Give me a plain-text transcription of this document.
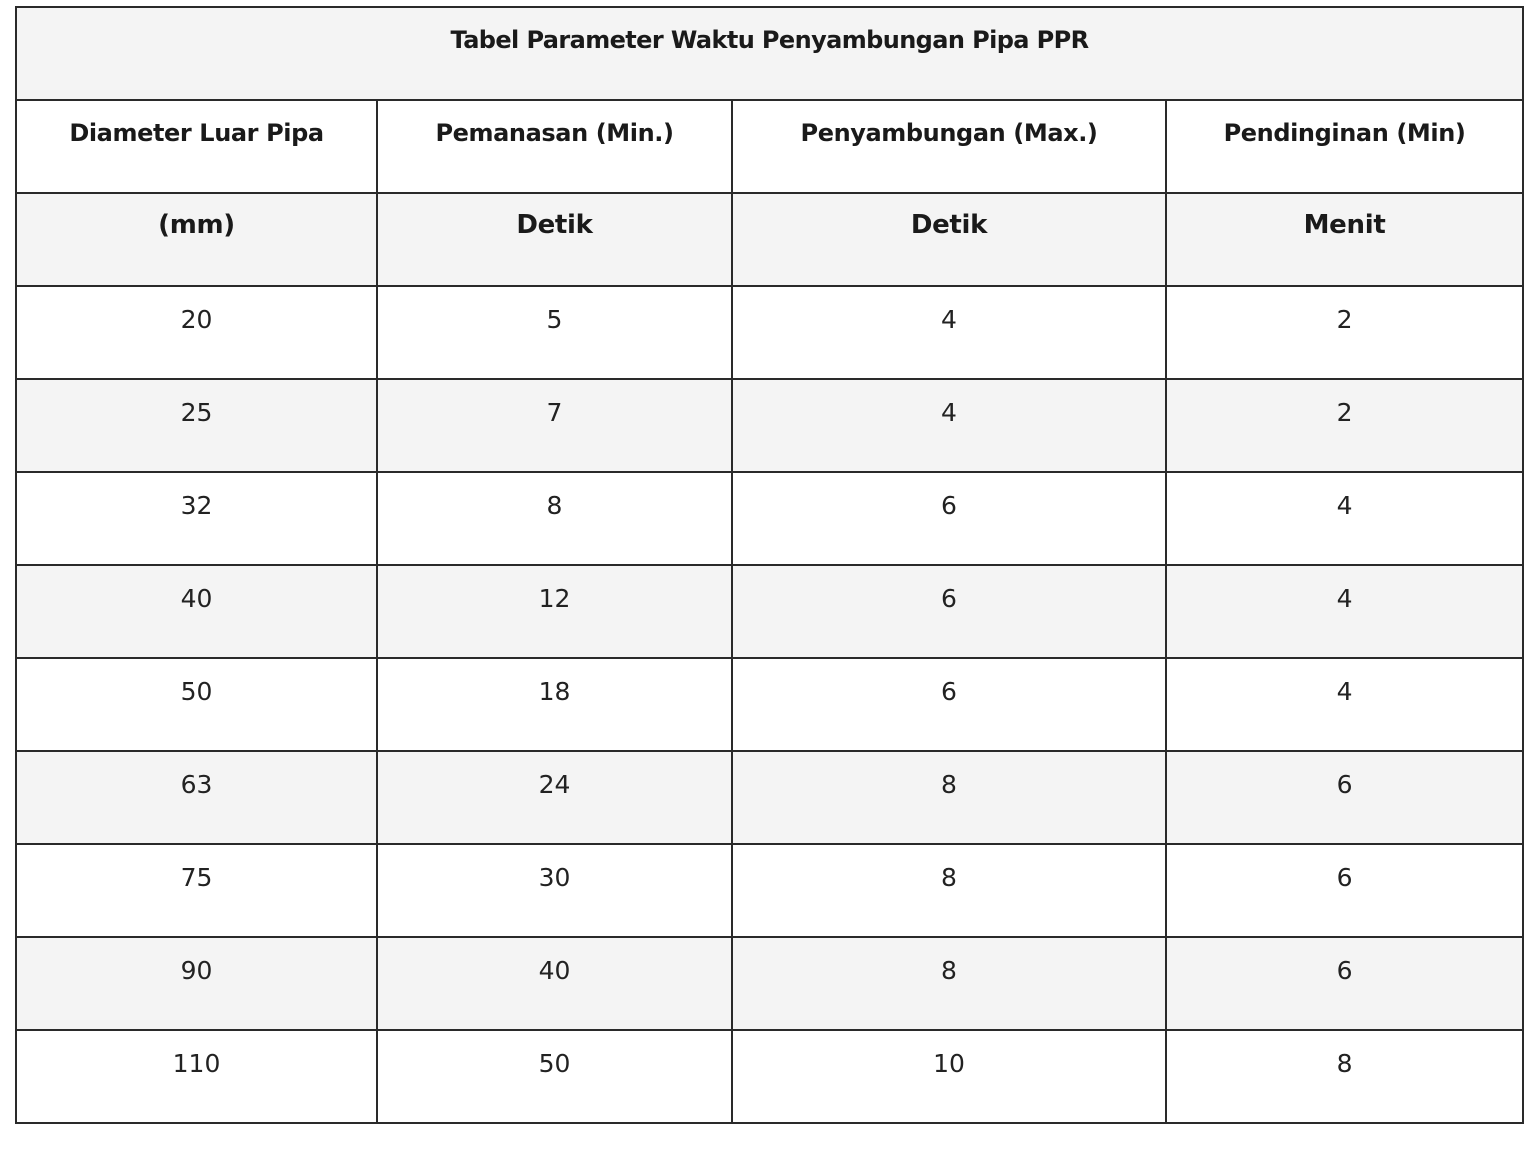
Tabel Parameter Waktu Penyambungan Pipa PPR			
Diameter Luar Pipa	Pemanasan (Min.)	Penyambungan (Max.)	Pendinginan (Min)
(mm)	Detik	Detik	Menit
20	5	4	2
25	7	4	2
32	8	6	4
40	12	6	4
50	18	6	4
63	24	8	6
75	30	8	6
90	40	8	6
110	50	10	8
